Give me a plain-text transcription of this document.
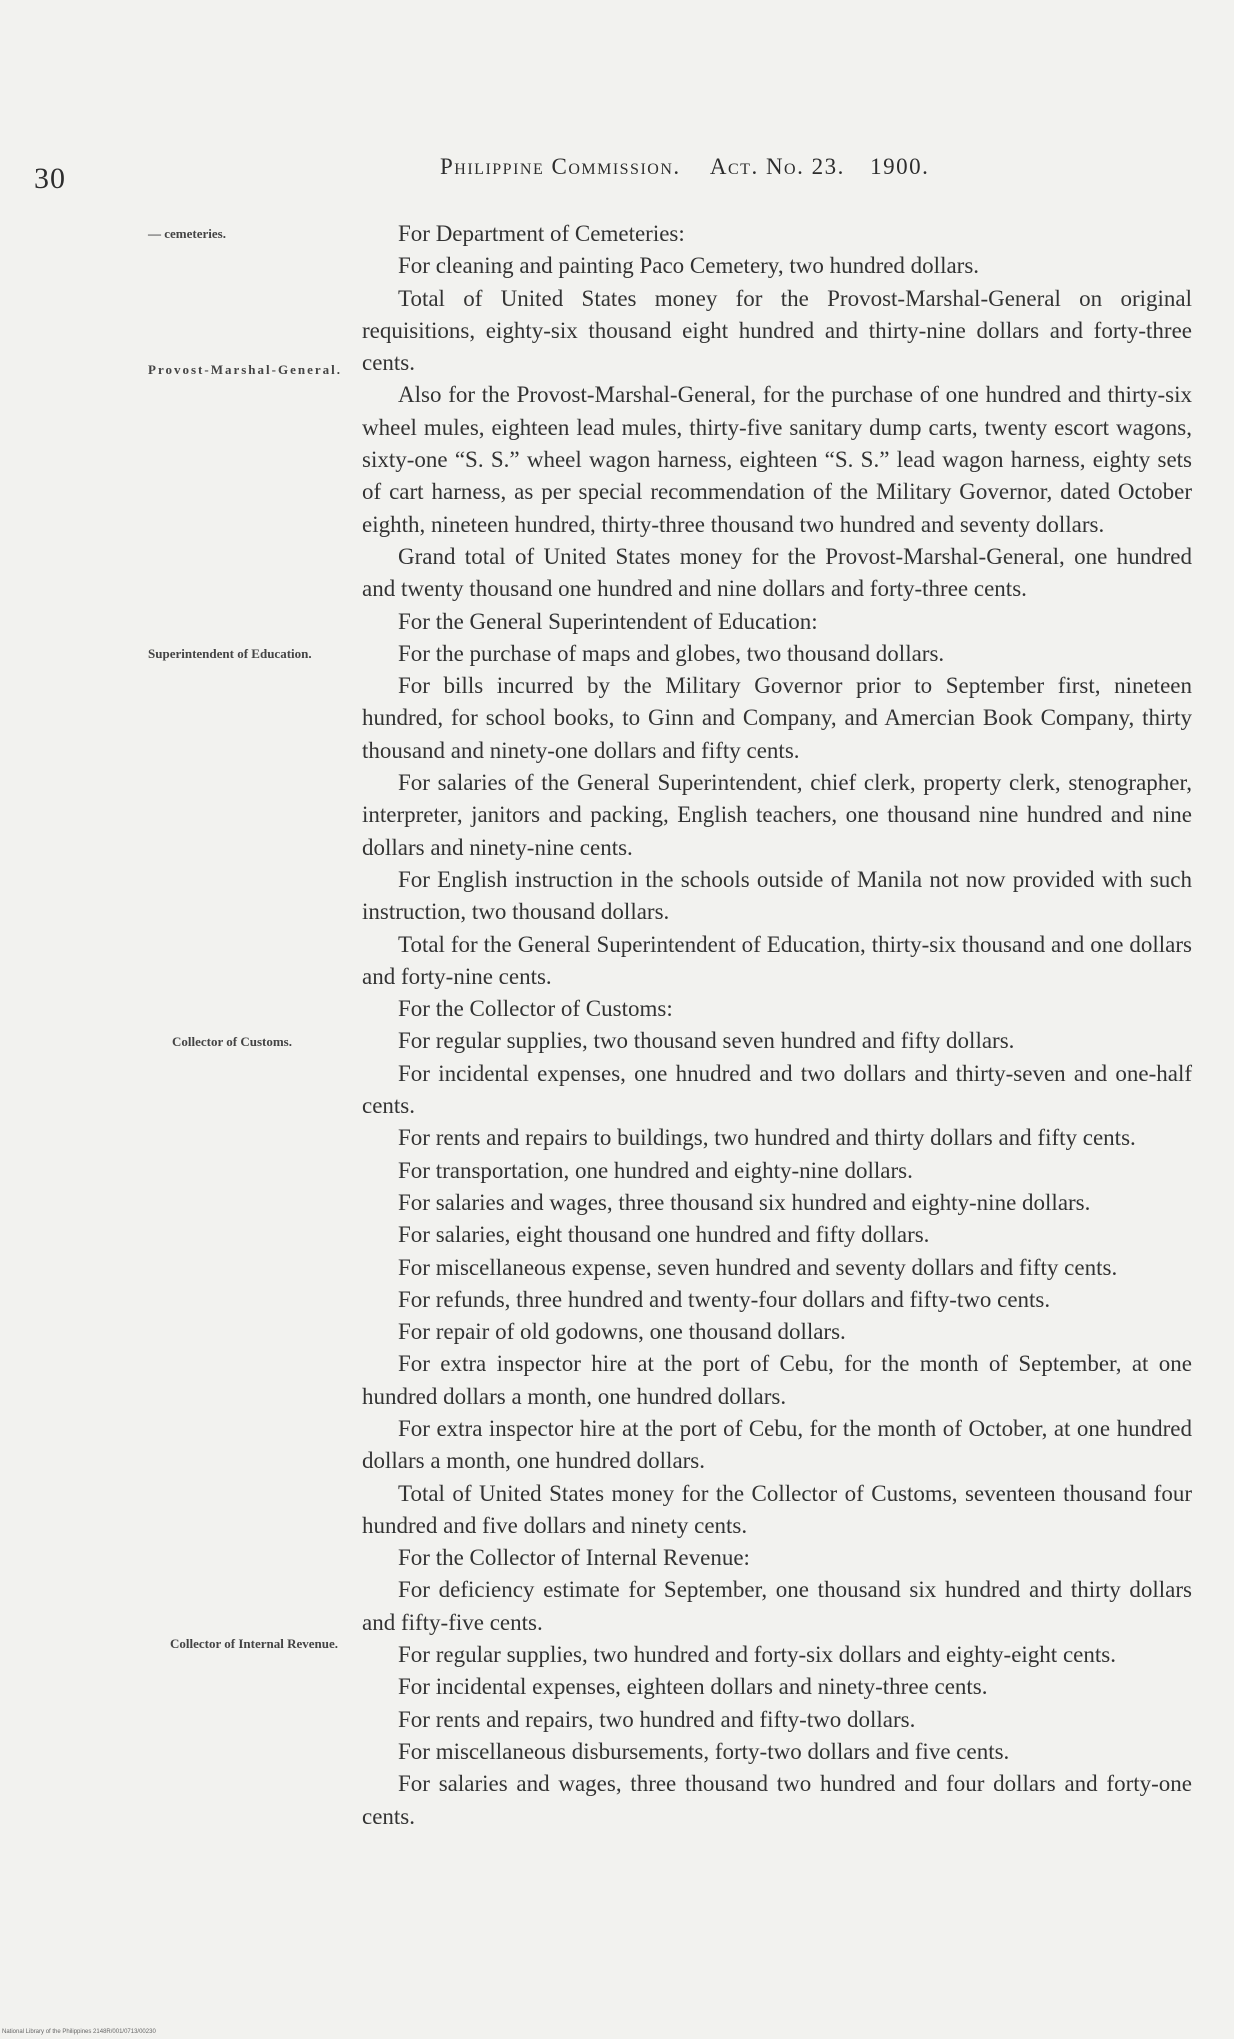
30	Philippine Commission. Act. No. 23. 1900.
— cemeteries.
Provost-Marshal-General.
Superintendent of Education.
Collector of Customs.
Collector of Internal Revenue.

For Department of Cemeteries:

For cleaning and painting Paco Cemetery, two hundred dollars.

Total of United States money for the Provost-Marshal-General on original requisitions, eighty-six thousand eight hundred and thirty-nine dollars and forty-three cents.

Also for the Provost-Marshal-General, for the purchase of one hundred and thirty-six wheel mules, eighteen lead mules, thirty-five sanitary dump carts, twenty escort wagons, sixty-one “S. S.” wheel wagon harness, eighteen “S. S.” lead wagon harness, eighty sets of cart harness, as per special recommendation of the Military Governor, dated October eighth, nineteen hundred, thirty-three thousand two hundred and seventy dollars.

Grand total of United States money for the Provost-Marshal-General, one hundred and twenty thousand one hundred and nine dollars and forty-three cents.

For the General Superintendent of Education:

For the purchase of maps and globes, two thousand dollars.

For bills incurred by the Military Governor prior to September first, nineteen hundred, for school books, to Ginn and Company, and Amercian Book Company, thirty thousand and ninety-one dollars and fifty cents.

For salaries of the General Superintendent, chief clerk, property clerk, stenographer, interpreter, janitors and packing, English teachers, one thousand nine hundred and nine dollars and ninety-nine cents.

For English instruction in the schools outside of Manila not now provided with such instruction, two thousand dollars.

Total for the General Superintendent of Education, thirty-six thousand and one dollars and forty-nine cents.

For the Collector of Customs:

For regular supplies, two thousand seven hundred and fifty dollars.

For incidental expenses, one hnudred and two dollars and thirty-seven and one-half cents.

For rents and repairs to buildings, two hundred and thirty dollars and fifty cents.

For transportation, one hundred and eighty-nine dollars.

For salaries and wages, three thousand six hundred and eighty-nine dollars.

For salaries, eight thousand one hundred and fifty dollars.

For miscellaneous expense, seven hundred and seventy dollars and fifty cents.

For refunds, three hundred and twenty-four dollars and fifty-two cents.

For repair of old godowns, one thousand dollars.

For extra inspector hire at the port of Cebu, for the month of September, at one hundred dollars a month, one hundred dollars.

For extra inspector hire at the port of Cebu, for the month of October, at one hundred dollars a month, one hundred dollars.

Total of United States money for the Collector of Customs, seventeen thousand four hundred and five dollars and ninety cents.

For the Collector of Internal Revenue:

For deficiency estimate for September, one thousand six hundred and thirty dollars and fifty-five cents.

For regular supplies, two hundred and forty-six dollars and eighty-eight cents.

For incidental expenses, eighteen dollars and ninety-three cents.

For rents and repairs, two hundred and fifty-two dollars.

For miscellaneous disbursements, forty-two dollars and five cents.

For salaries and wages, three thousand two hundred and four dollars and forty-one cents.

National Library of the Philippines 2148R/001/0713/00230
